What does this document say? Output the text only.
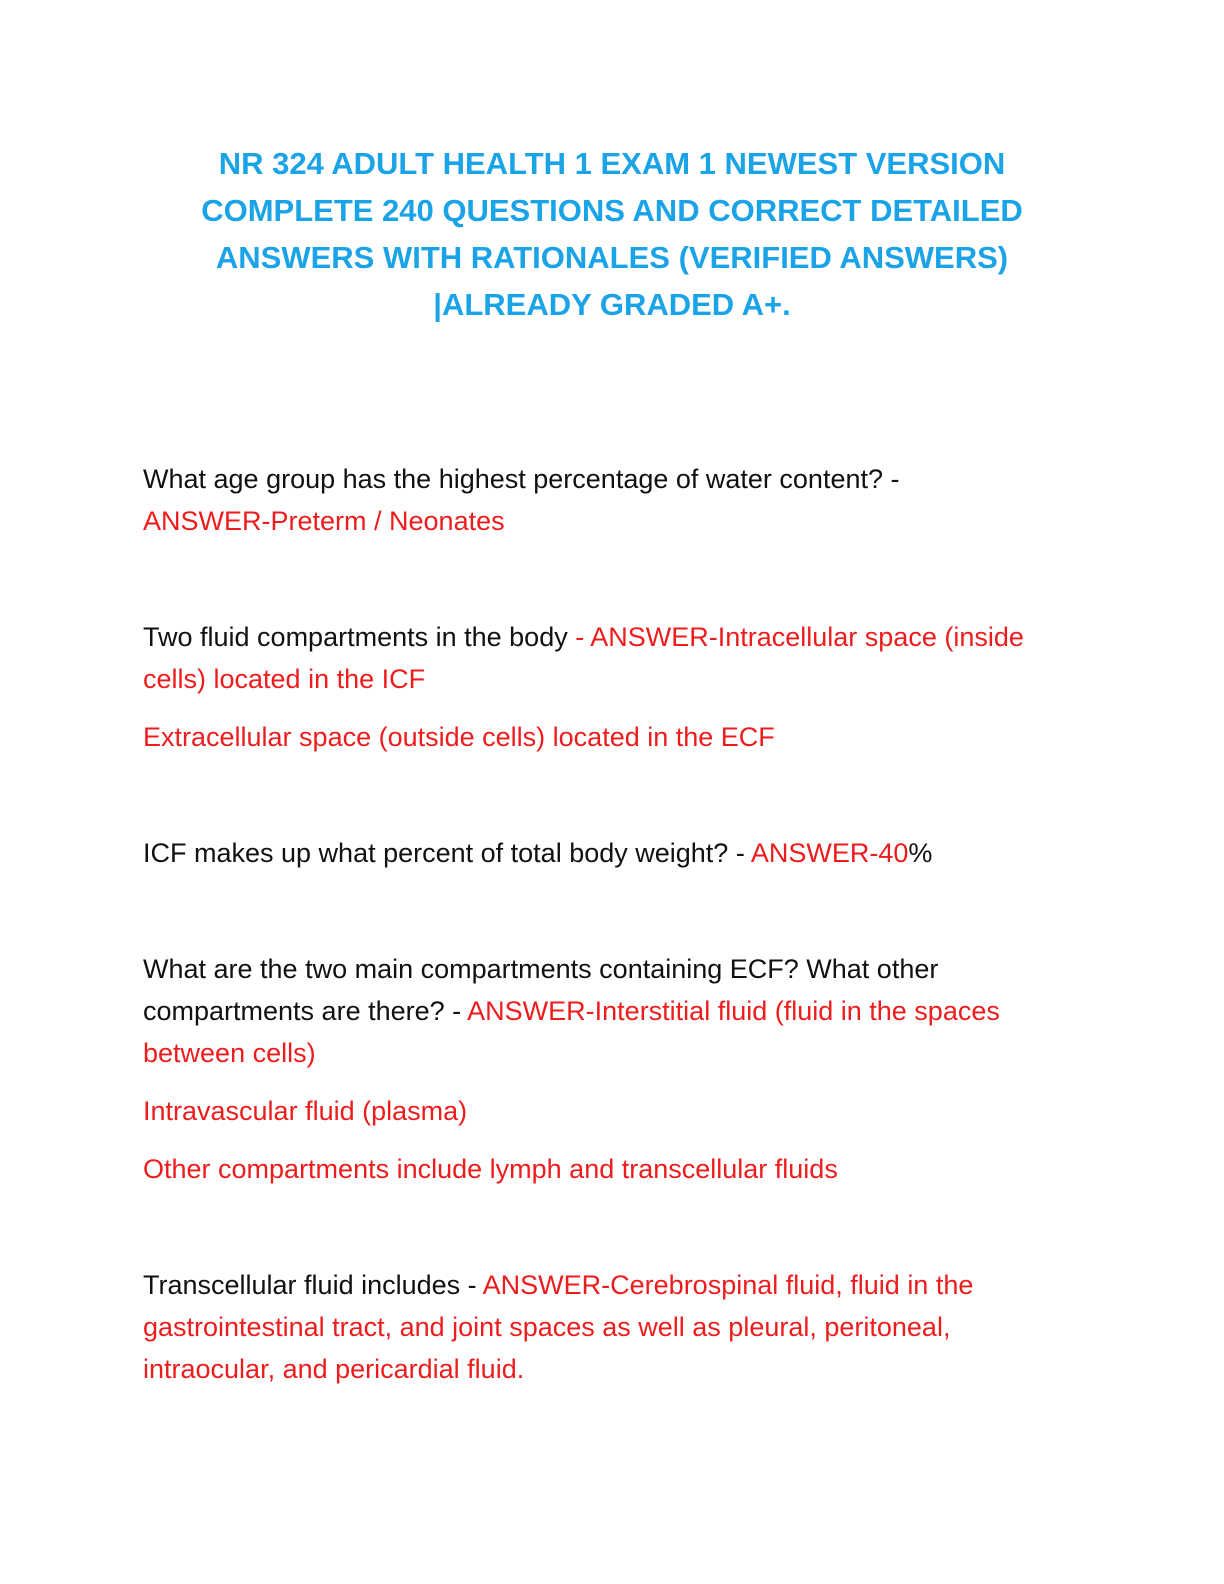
NR 324 ADULT HEALTH 1 EXAM 1 NEWEST VERSION
COMPLETE 240 QUESTIONS AND CORRECT DETAILED
ANSWERS WITH RATIONALES (VERIFIED ANSWERS)
|ALREADY GRADED A+.

What age group has the highest percentage of water content? -
ANSWER-Preterm / Neonates

Two fluid compartments in the body - ANSWER-Intracellular space (inside cells) located in the ICF

Extracellular space (outside cells) located in the ECF

ICF makes up what percent of total body weight? - ANSWER-40%

What are the two main compartments containing ECF? What other compartments are there? - ANSWER-Interstitial fluid (fluid in the spaces between cells)

Intravascular fluid (plasma)

Other compartments include lymph and transcellular fluids

Transcellular fluid includes - ANSWER-Cerebrospinal fluid, fluid in the gastrointestinal tract, and joint spaces as well as pleural, peritoneal, intraocular, and pericardial fluid.
